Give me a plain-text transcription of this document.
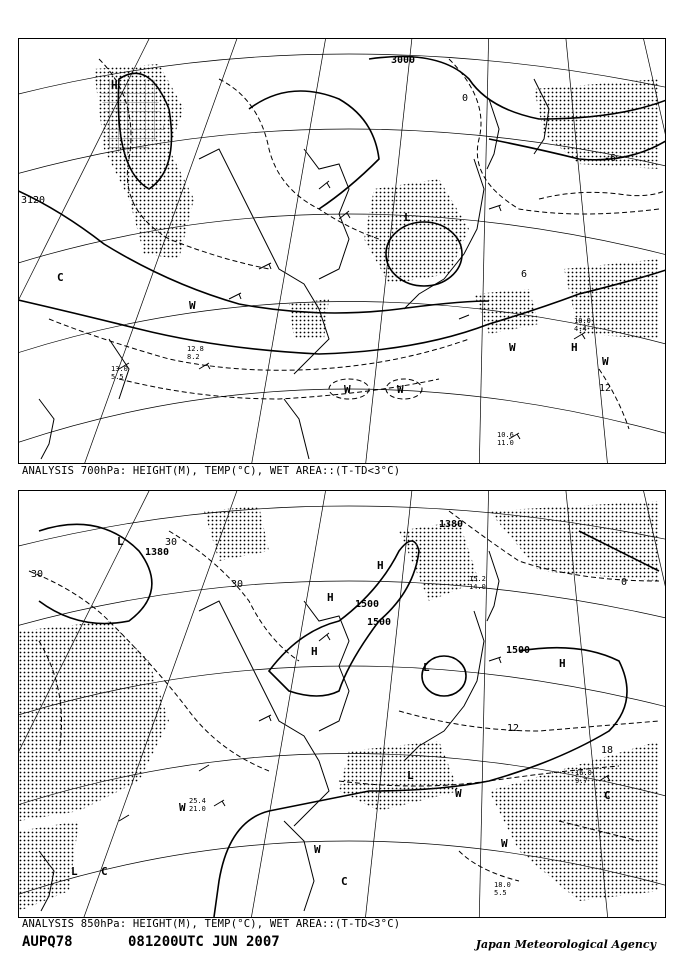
3120
3000
H
H
L
C
W
W
W
W	W
0
-6
6
12
10.0
4.4
10.6
11.0
12.8
8.2
13.0
5.5
ANALYSIS 700hPa: HEIGHT(M), TEMP(°C), WET AREA::(T-TD<3°C)
1500
1500
1500
1380
1380
H
H
H
H
L
L
L
L C
C
C
W
W
W	W
30
30
30	0
12
18
16.0
9.7
18.0
5.5
25.4
21.0
15.2
14.0
ANALYSIS 850hPa: HEIGHT(M), TEMP(°C), WET AREA::(T-TD<3°C)
AUPQ78	081200UTC JUN 2007	Japan Meteorological Agency
